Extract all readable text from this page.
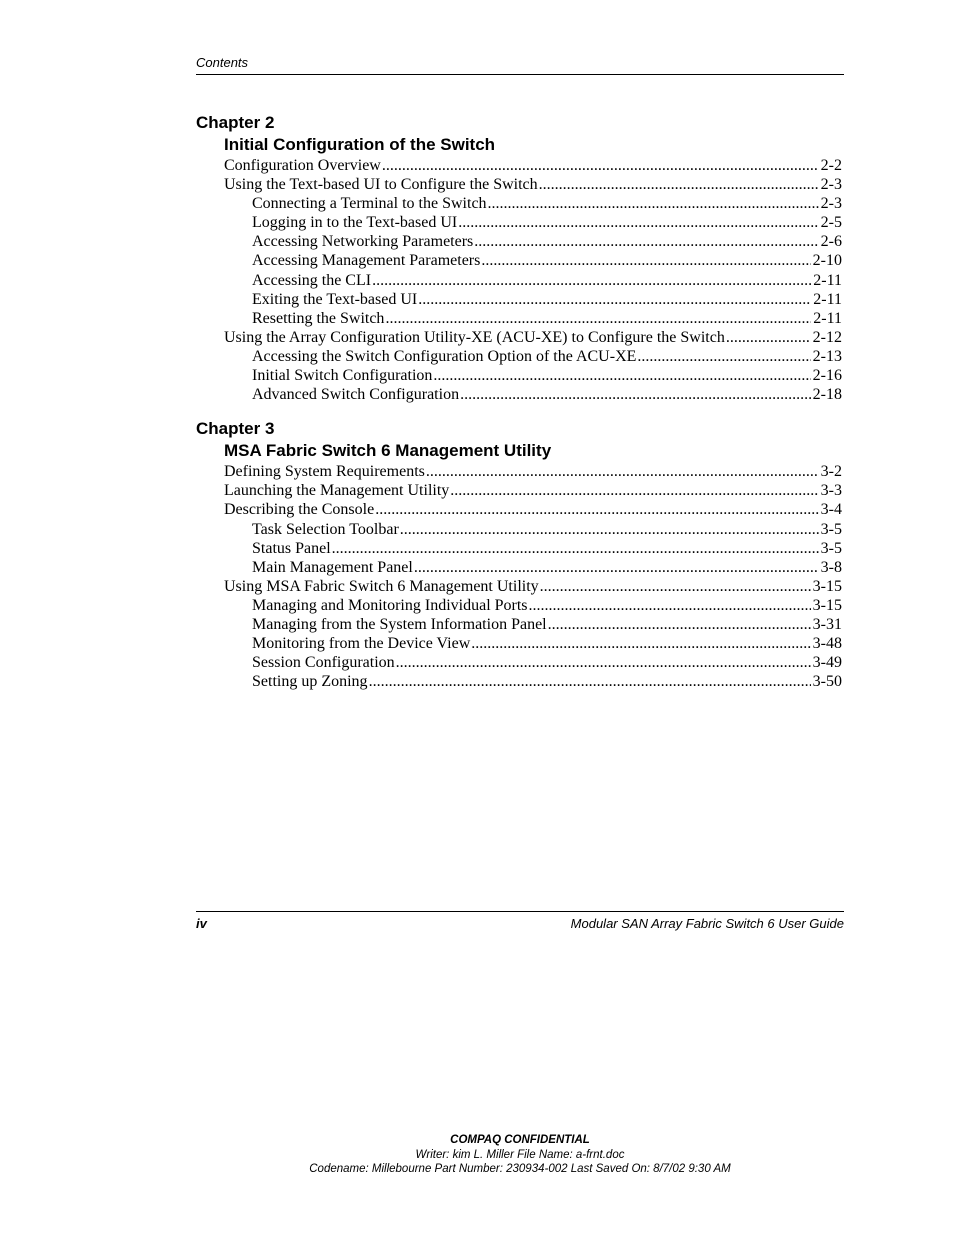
Contents
Chapter 2
Initial Configuration of the Switch
Configuration Overview .....	2-2
Using the Text-based UI to Configure the Switch .....	2-3
Connecting a Terminal to the Switch .....	2-3
Logging in to the Text-based UI .....	2-5
Accessing Networking Parameters .....	2-6
Accessing Management Parameters .....	2-10
Accessing the CLI .....	2-11
Exiting the Text-based UI .....	2-11
Resetting the Switch .....	2-11
Using the Array Configuration Utility-XE (ACU-XE) to Configure the Switch .....	2-12
Accessing the Switch Configuration Option of the ACU-XE .....	2-13
Initial Switch Configuration .....	2-16
Advanced Switch Configuration .....	2-18
Chapter 3
MSA Fabric Switch 6 Management Utility
Defining System Requirements .....	3-2
Launching the Management Utility .....	3-3
Describing the Console .....	3-4
Task Selection Toolbar .....	3-5
Status Panel .....	3-5
Main Management Panel .....	3-8
Using MSA Fabric Switch 6 Management Utility .....	3-15
Managing and Monitoring Individual Ports .....	3-15
Managing from the System Information Panel .....	3-31
Monitoring from the Device View .....	3-48
Session Configuration .....	3-49
Setting up Zoning .....	3-50
iv	Modular SAN Array Fabric Switch 6 User Guide
COMPAQ CONFIDENTIAL
Writer: kim L. Miller File Name: a-frnt.doc
Codename: Millebourne Part Number: 230934-002 Last Saved On: 8/7/02 9:30 AM
